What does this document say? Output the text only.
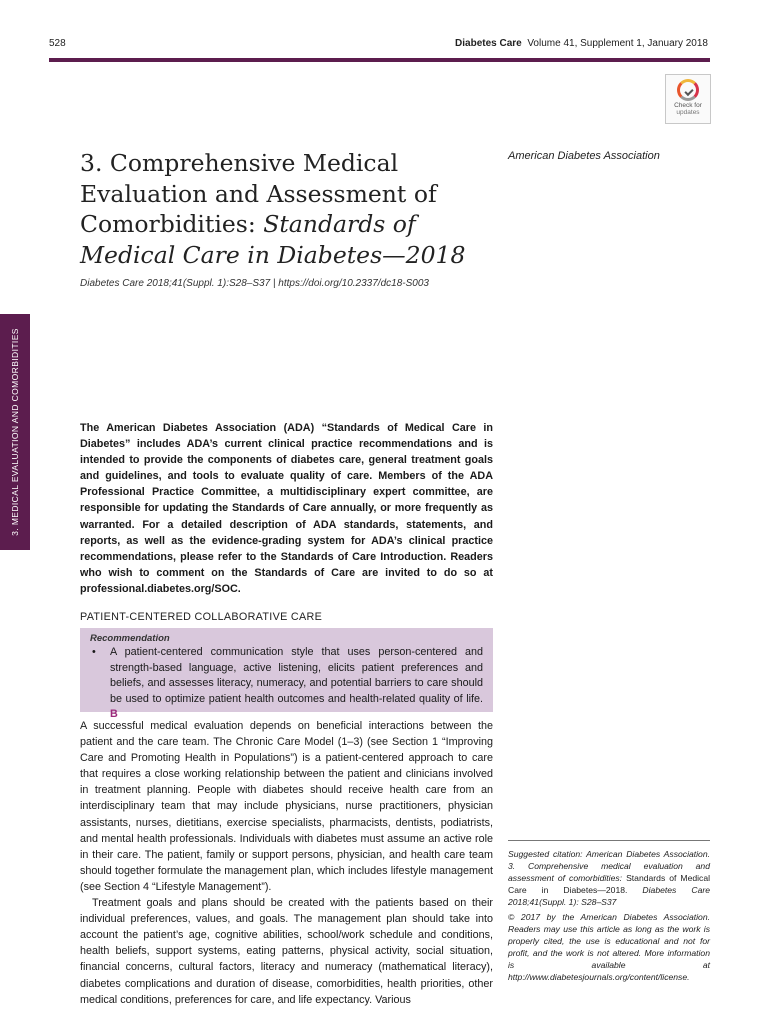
528	Diabetes Care Volume 41, Supplement 1, January 2018
Check for
updates
3. Comprehensive Medical Evaluation and Assessment of Comorbidities: Standards of Medical Care in Diabetes—2018
American Diabetes Association
Diabetes Care 2018;41(Suppl. 1):S28–S37 | https://doi.org/10.2337/dc18-S003
3. MEDICAL EVALUATION AND COMORBIDITIES	The American Diabetes Association (ADA) “Standards of Medical Care in Diabetes” includes ADA’s current clinical practice recommendations and is intended to provide the components of diabetes care, general treatment goals and guidelines, and tools to evaluate quality of care. Members of the ADA Professional Practice Committee, a multidisciplinary expert committee, are responsible for updating the Standards of Care annually, or more frequently as warranted. For a detailed description of ADA standards, statements, and reports, as well as the evidence-grading system for ADA’s clinical practice recommendations, please refer to the Standards of Care Introduction. Readers who wish to comment on the Standards of Care are invited to do so at professional.diabetes.org/SOC.
PATIENT-CENTERED COLLABORATIVE CARE
Recommendation
• A patient-centered communication style that uses person-centered and strength-based language, active listening, elicits patient preferences and beliefs, and assesses literacy, numeracy, and potential barriers to care should be used to optimize patient health outcomes and health-related quality of life. B

A successful medical evaluation depends on beneficial interactions between the patient and the care team. The Chronic Care Model (1–3) (see Section 1 “Improving Care and Promoting Health in Populations”) is a patient-centered approach to care that requires a close working relationship between the patient and clinicians involved in treatment planning. People with diabetes should receive health care from an interdisciplinary team that may include physicians, nurse practitioners, physician assistants, nurses, dietitians, exercise specialists, pharmacists, dentists, podiatrists, and mental health professionals. Individuals with diabetes must assume an active role in their care. The patient, family or support persons, physician, and health care team should together formulate the management plan, which includes lifestyle management (see Section 4 “Lifestyle Management”).

Treatment goals and plans should be created with the patients based on their individual preferences, values, and goals. The management plan should take into account the patient’s age, cognitive abilities, school/work schedule and conditions, health beliefs, support systems, eating patterns, physical activity, social situation, financial concerns, cultural factors, literacy and numeracy (mathematical literacy), diabetes complications and duration of disease, comorbidities, health priorities, other medical conditions, preferences for care, and life expectancy. Various

Suggested citation: American Diabetes Association. 3. Comprehensive medical evaluation and assessment of comorbidities: Standards of Medical Care in Diabetes—2018. Diabetes Care 2018;41(Suppl. 1): S28–S37

© 2017 by the American Diabetes Association. Readers may use this article as long as the work is properly cited, the use is educational and not for profit, and the work is not altered. More information is available at http://www.diabetesjournals.org/content/license.
